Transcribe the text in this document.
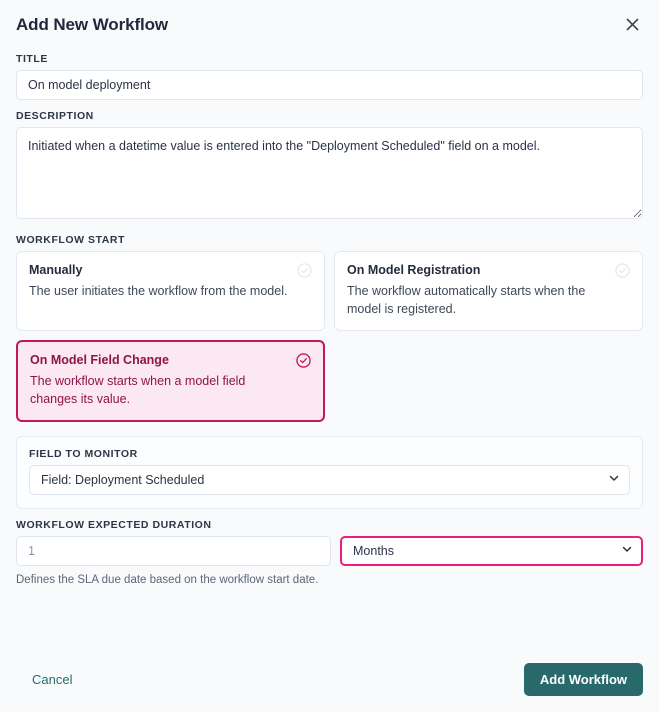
Add New Workflow
TITLE
On model deployment
DESCRIPTION
Initiated when a datetime value is entered into the "Deployment Scheduled" field on a model.
WORKFLOW START
Manually
The user initiates the workflow from the model.
On Model Registration
The workflow automatically starts when the model is registered.
On Model Field Change
The workflow starts when a model field changes its value.
FIELD TO MONITOR
Field: Deployment Scheduled
WORKFLOW EXPECTED DURATION
1
Months

Defines the SLA due date based on the workflow start date.

Cancel	Add Workflow
